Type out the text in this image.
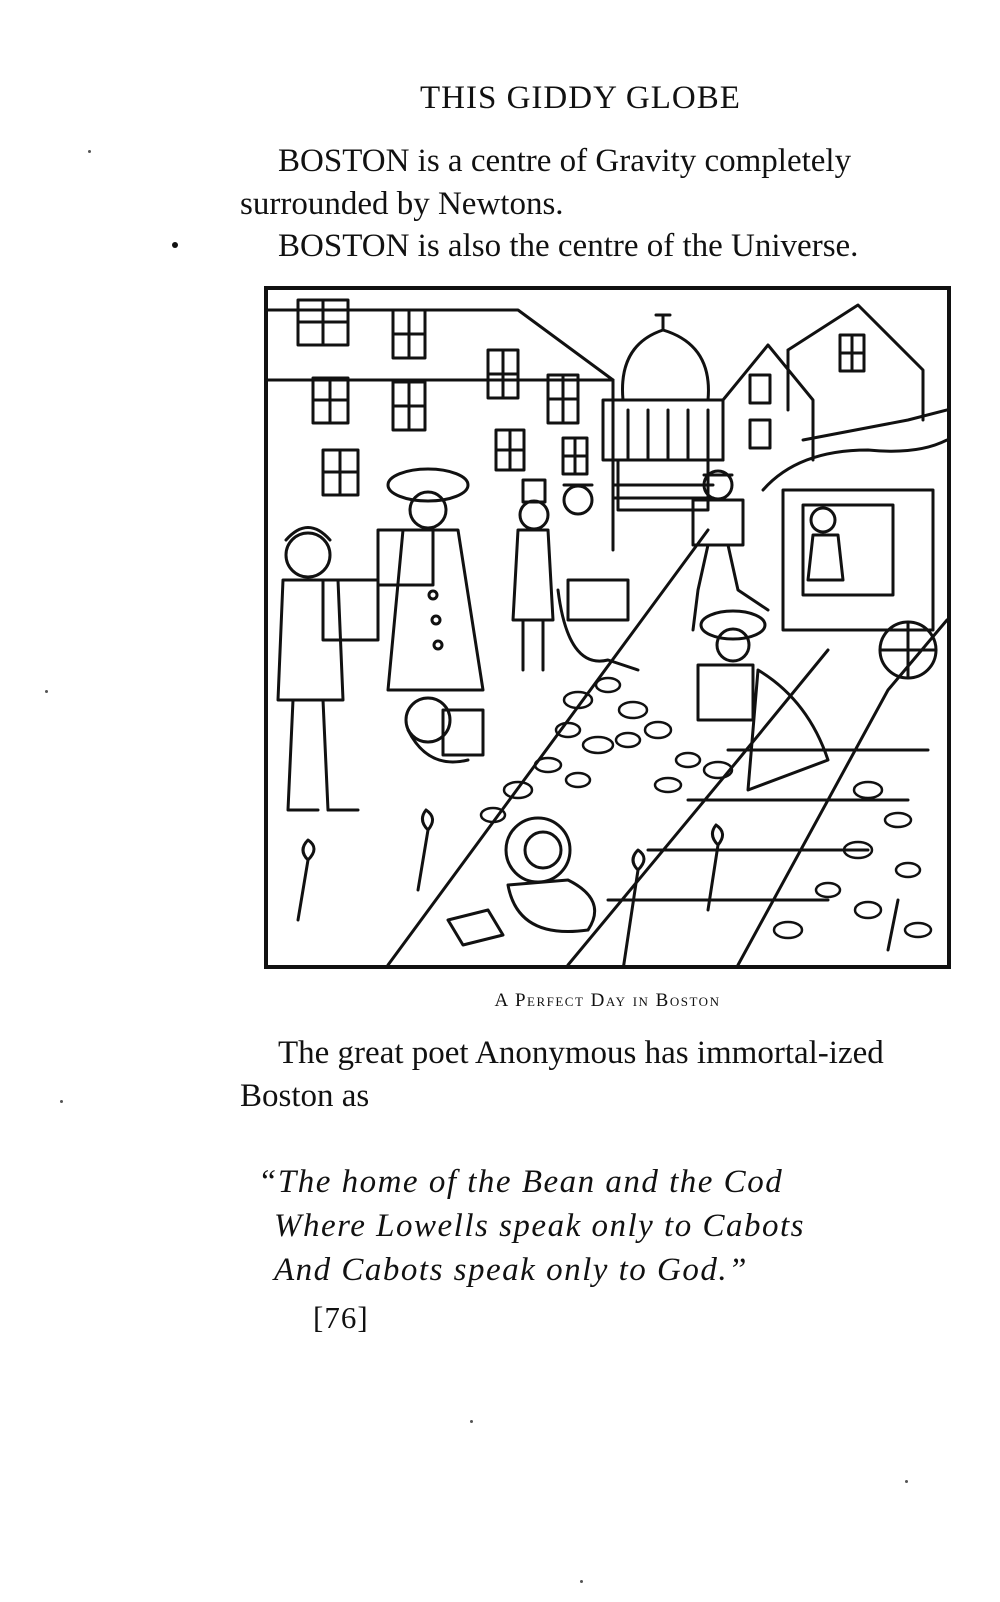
THIS GIDDY GLOBE

BOSTON is a centre of Gravity completely surrounded by Newtons.

BOSTON is also the centre of the Universe.

A Perfect Day in Boston

The great poet Anonymous has immortal-ized Boston as

“The home of the Bean and the Cod
Where Lowells speak only to Cabots
And Cabots speak only to God.”
[76]
